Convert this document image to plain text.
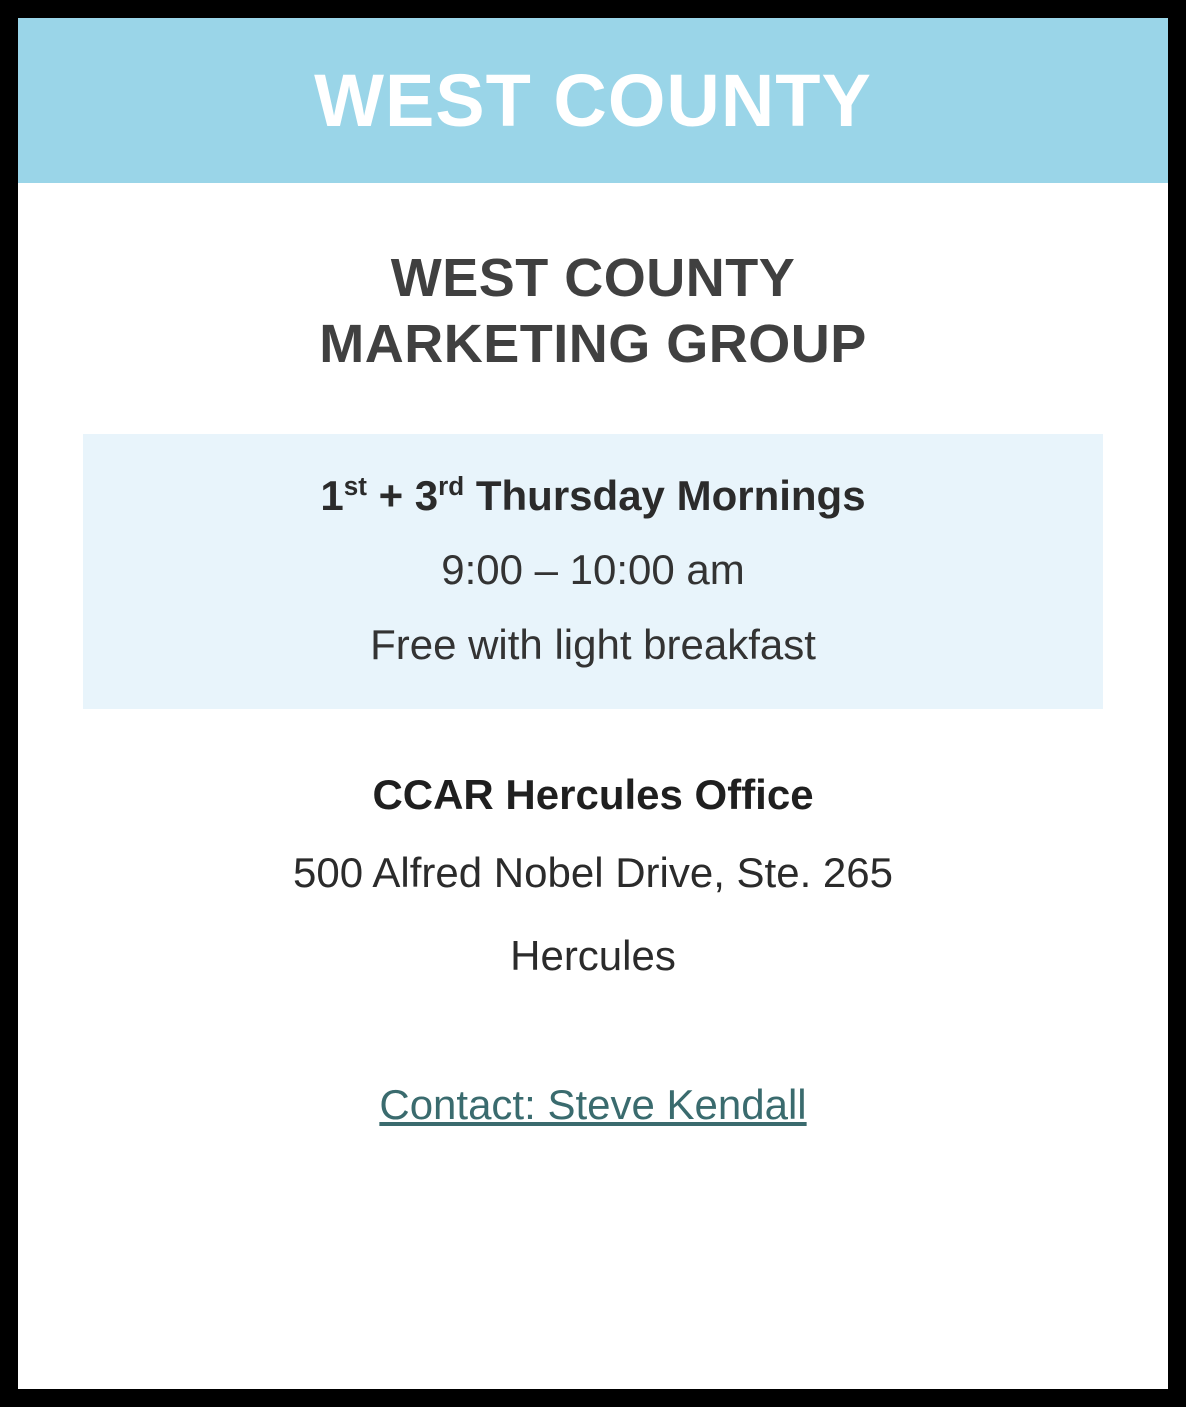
WEST COUNTY
WEST COUNTY
MARKETING GROUP
1st + 3rd Thursday Mornings
9:00 – 10:00 am
Free with light breakfast
CCAR Hercules Office
500 Alfred Nobel Drive, Ste. 265
Hercules
Contact: Steve Kendall
